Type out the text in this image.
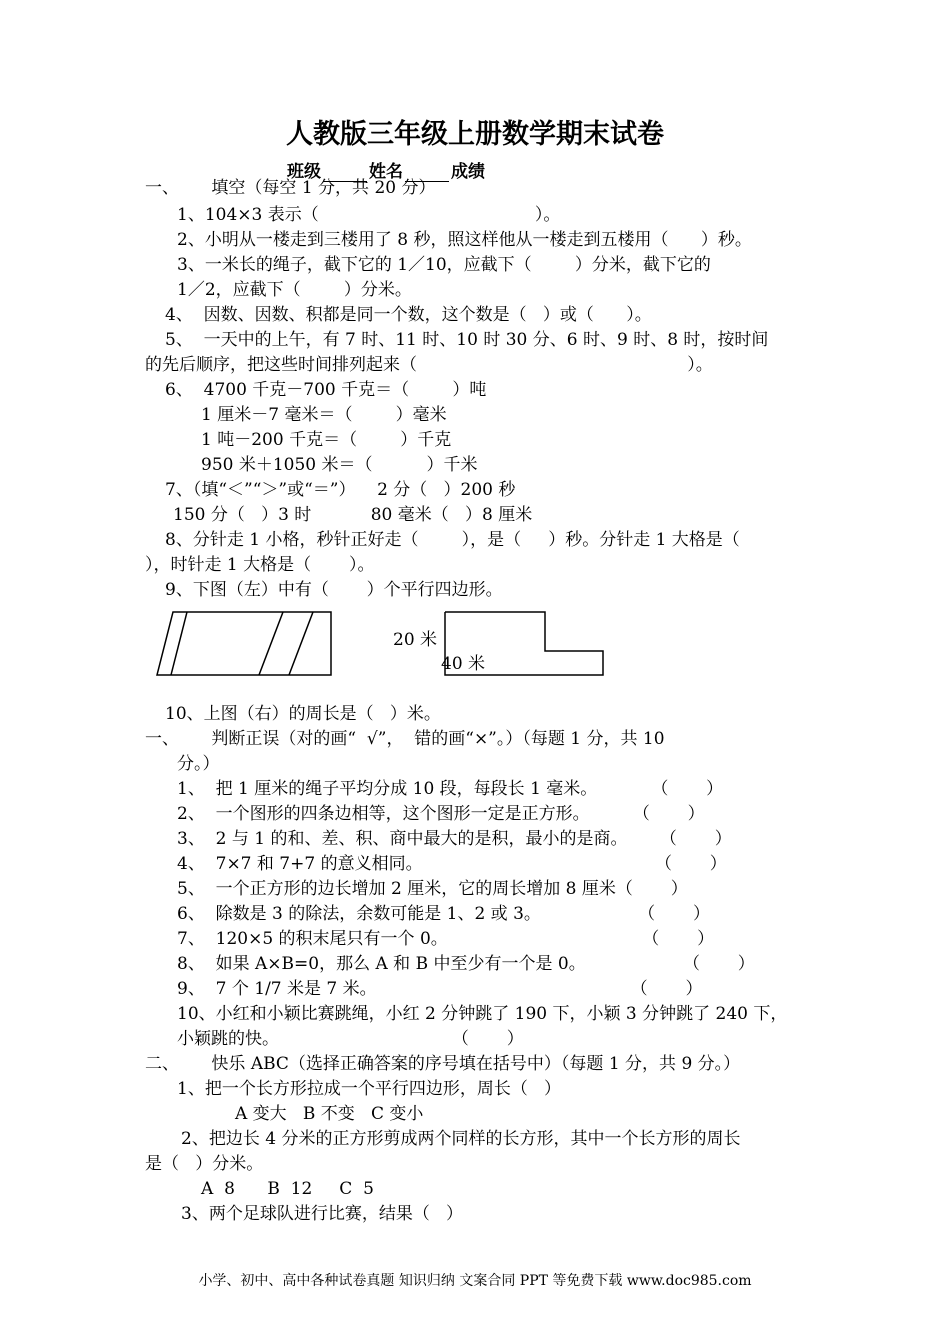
人教版三年级上册数学期末试卷
班级	姓名	成绩
一、      填空（每空 1 分，共 20 分）
1、104×3 表示（                                        ）。
2、小明从一楼走到三楼用了 8 秒，照这样他从一楼走到五楼用（      ）秒。
3、一米长的绳子，截下它的 1／10，应截下（        ）分米，截下它的
1／2，应截下（        ）分米。
4、  因数、因数、积都是同一个数，这个数是（   ）或（      ）。
5、  一天中的上午，有 7 时、11 时、10 时 30 分、6 时、9 时、8 时，按时间
的先后顺序，把这些时间排列起来（                                                  ）。
6、  4700 千克－700 千克＝（        ）吨
1 厘米－7 毫米＝（        ）毫米
1 吨－200 千克＝（        ）千克
950 米＋1050 米＝（          ）千米
7、（填“＜”“＞”或“＝”）    2 分（   ）200 秒
150 分（   ）3 时           80 毫米（   ）8 厘米
8、分针走 1 小格，秒针正好走（        ），是（     ）秒。分针走 1 大格是（
），时针走 1 大格是（       ）。
9、下图（左）中有（       ）个平行四边形。
20 米
40 米
10、上图（右）的周长是（   ）米。
一、      判断正误（对的画“  √”，  错的画“×”。）（每题 1 分，共 10
分。）
1、  把 1 厘米的绳子平均分成 10 段，每段长 1 毫米。          （       ）
2、  一个图形的四条边相等，这个图形一定是正方形。        （       ）
3、  2 与 1 的和、差、积、商中最大的是积，最小的是商。      （       ）
4、  7×7 和 7+7 的意义相同。                                           （       ）
5、  一个正方形的边长增加 2 厘米，它的周长增加 8 厘米（       ）
6、  除数是 3 的除法，余数可能是 1、2 或 3。                  （       ）
7、  120×5 的积末尾只有一个 0。                                    （       ）
8、  如果 A×B=0，那么 A 和 B 中至少有一个是 0。                  （       ）
9、  7 个 1/7 米是 7 米。                                               （       ）
10、小红和小颖比赛跳绳，小红 2 分钟跳了 190 下，小颖 3 分钟跳了 240 下，
小颖跳的快。                                （       ）
二、      快乐 ABC（选择正确答案的序号填在括号中）（每题 1 分，共 9 分。）
1、把一个长方形拉成一个平行四边形，周长（   ）
A 变大   B 不变   C 变小
2、把边长 4 分米的正方形剪成两个同样的长方形，其中一个长方形的周长
是（   ）分米。
A  8      B  12     C  5
3、两个足球队进行比赛，结果（   ）
小学、初中、高中各种试卷真题 知识归纳 文案合同 PPT 等免费下载 www.doc985.com
